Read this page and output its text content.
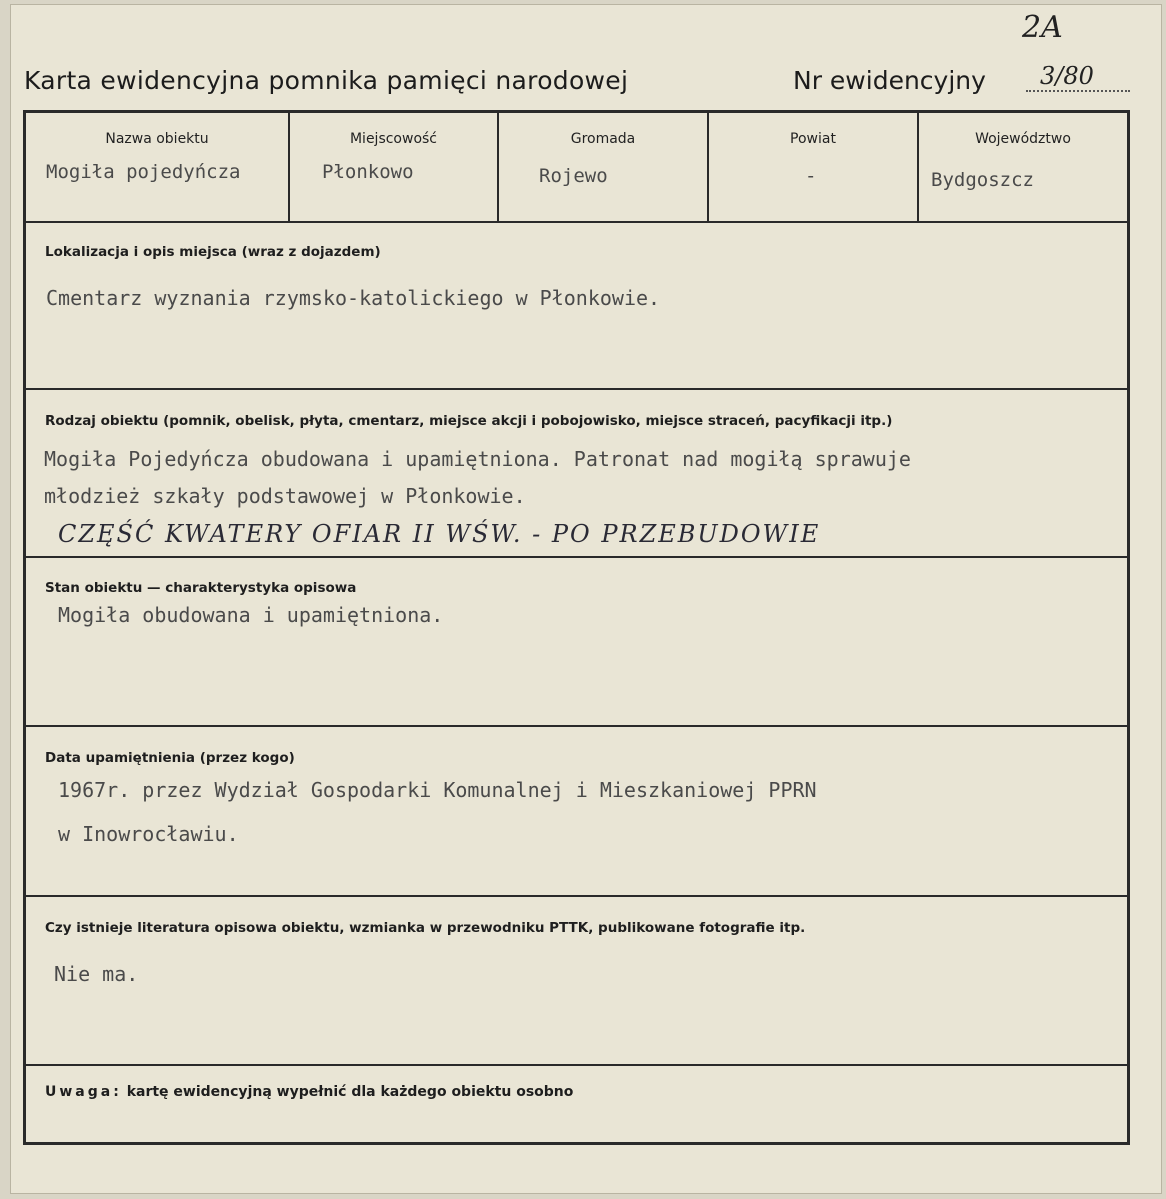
2A
Karta ewidencyjna pomnika pamięci narodowej	Nr ewidencyjny 3/80
Nazwa obiektu
Mogiła pojedyńcza
Miejscowość
Płonkowo
Gromada
Rojewo
Powiat
-
Województwo
Bydgoszcz
Lokalizacja i opis miejsca (wraz z dojazdem)
Cmentarz wyznania rzymsko-katolickiego w Płonkowie.
Rodzaj obiektu (pomnik, obelisk, płyta, cmentarz, miejsce akcji i pobojowisko, miejsce straceń, pacyfikacji itp.)
Mogiła Pojedyńcza obudowana i upamiętniona. Patronat nad mogiłą sprawuje
młodzież szkały podstawowej w Płonkowie.
CZĘŚĆ KWATERY OFIAR II WŚW. - PO PRZEBUDOWIE
Stan obiektu — charakterystyka opisowa
Mogiła obudowana i upamiętniona.
Data upamiętnienia (przez kogo)
1967r. przez Wydział Gospodarki Komunalnej i Mieszkaniowej PPRN
w Inowrocławiu.
Czy istnieje literatura opisowa obiektu, wzmianka w przewodniku PTTK, publikowane fotografie itp.
Nie ma.
Uwaga: kartę ewidencyjną wypełnić dla każdego obiektu osobno
